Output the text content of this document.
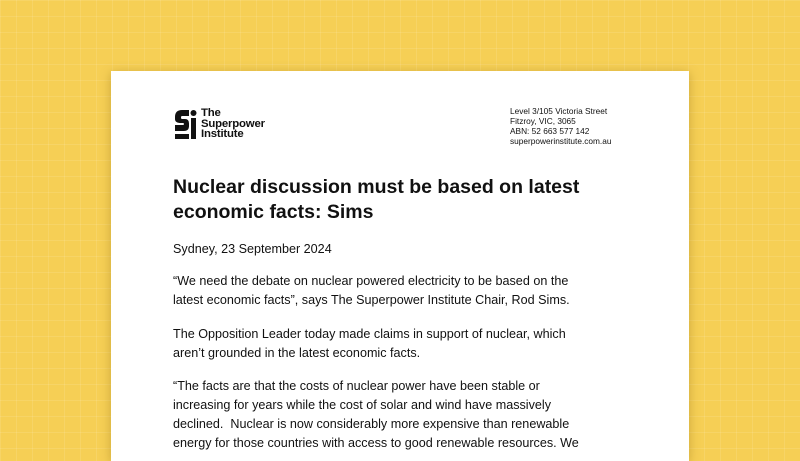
The
Superpower
Institute
Level 3/105 Victoria Street
Fitzroy, VIC, 3065
ABN: 52 663 577 142
superpowerinstitute.com.au
Nuclear discussion must be based on latest
economic facts: Sims
Sydney, 23 September 2024
“We need the debate on nuclear powered electricity to be based on the
latest economic facts”, says The Superpower Institute Chair, Rod Sims.
The Opposition Leader today made claims in support of nuclear, which
aren’t grounded in the latest economic facts.
“The facts are that the costs of nuclear power have been stable or
increasing for years while the cost of solar and wind have massively
declined.  Nuclear is now considerably more expensive than renewable
energy for those countries with access to good renewable resources. We
